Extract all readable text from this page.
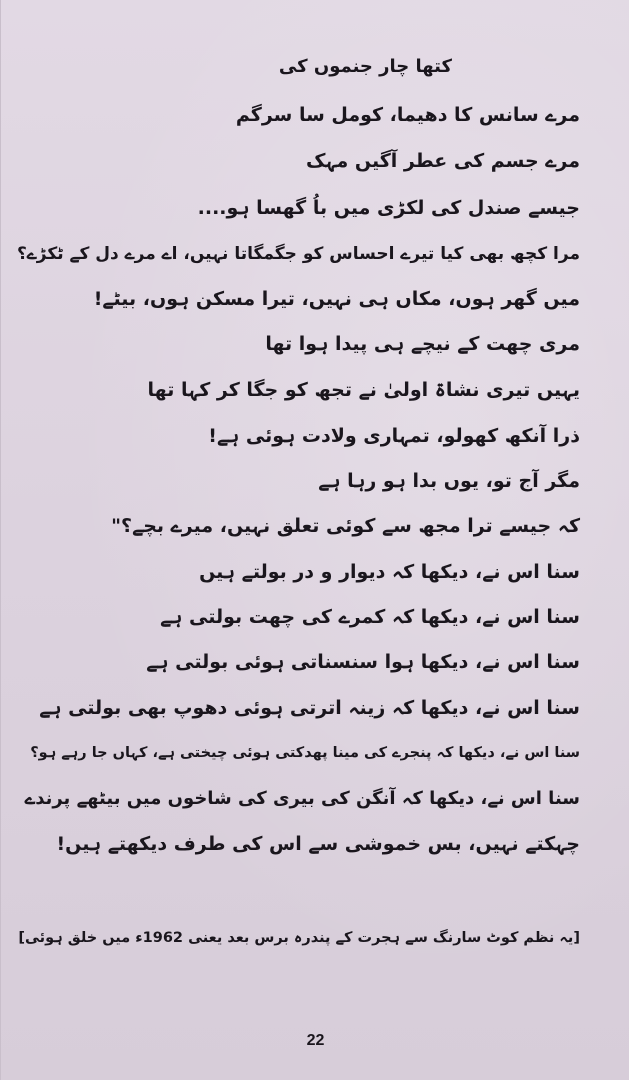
کتھا چار جنموں کی
مرے سانس کا دھیما، کومل سا سرگم
مرے جسم کی عطر آگیں مہک
جیسے صندل کی لکڑی میں باُ گھسا ہو....
مرا کچھ بھی کیا تیرے احساس کو جگمگاتا نہیں، اے مرے دل کے ٹکڑے؟
میں گھر ہوں، مکاں ہی نہیں، تیرا مسکن ہوں، بیٹے!
مری چھت کے نیچے ہی پیدا ہوا تھا
یہیں تیری نشاۃ اولیٰ نے تجھ کو جگا کر کہا تھا
ذرا آنکھ کھولو، تمہاری ولادت ہوئی ہے!
مگر آج تو، یوں بدا ہو رہا ہے
کہ جیسے ترا مجھ سے کوئی تعلق نہیں، میرے بچے؟"
سنا اس نے، دیکھا کہ دیوار و در بولتے ہیں
سنا اس نے، دیکھا کہ کمرے کی چھت بولتی ہے
سنا اس نے، دیکھا ہوا سنسناتی ہوئی بولتی ہے
سنا اس نے، دیکھا کہ زینہ اترتی ہوئی دھوپ بھی بولتی ہے
سنا اس نے، دیکھا کہ پنجرے کی مینا پھدکتی ہوئی چیختی ہے، کہاں جا رہے ہو؟
سنا اس نے، دیکھا کہ آنگن کی بیری کی شاخوں میں بیٹھے پرندے
چہکتے نہیں، بس خموشی سے اس کی طرف دیکھتے ہیں!
[یہ نظم کوٹ سارنگ سے ہجرت کے پندرہ برس بعد یعنی 1962ء میں خلق ہوئی]
22
